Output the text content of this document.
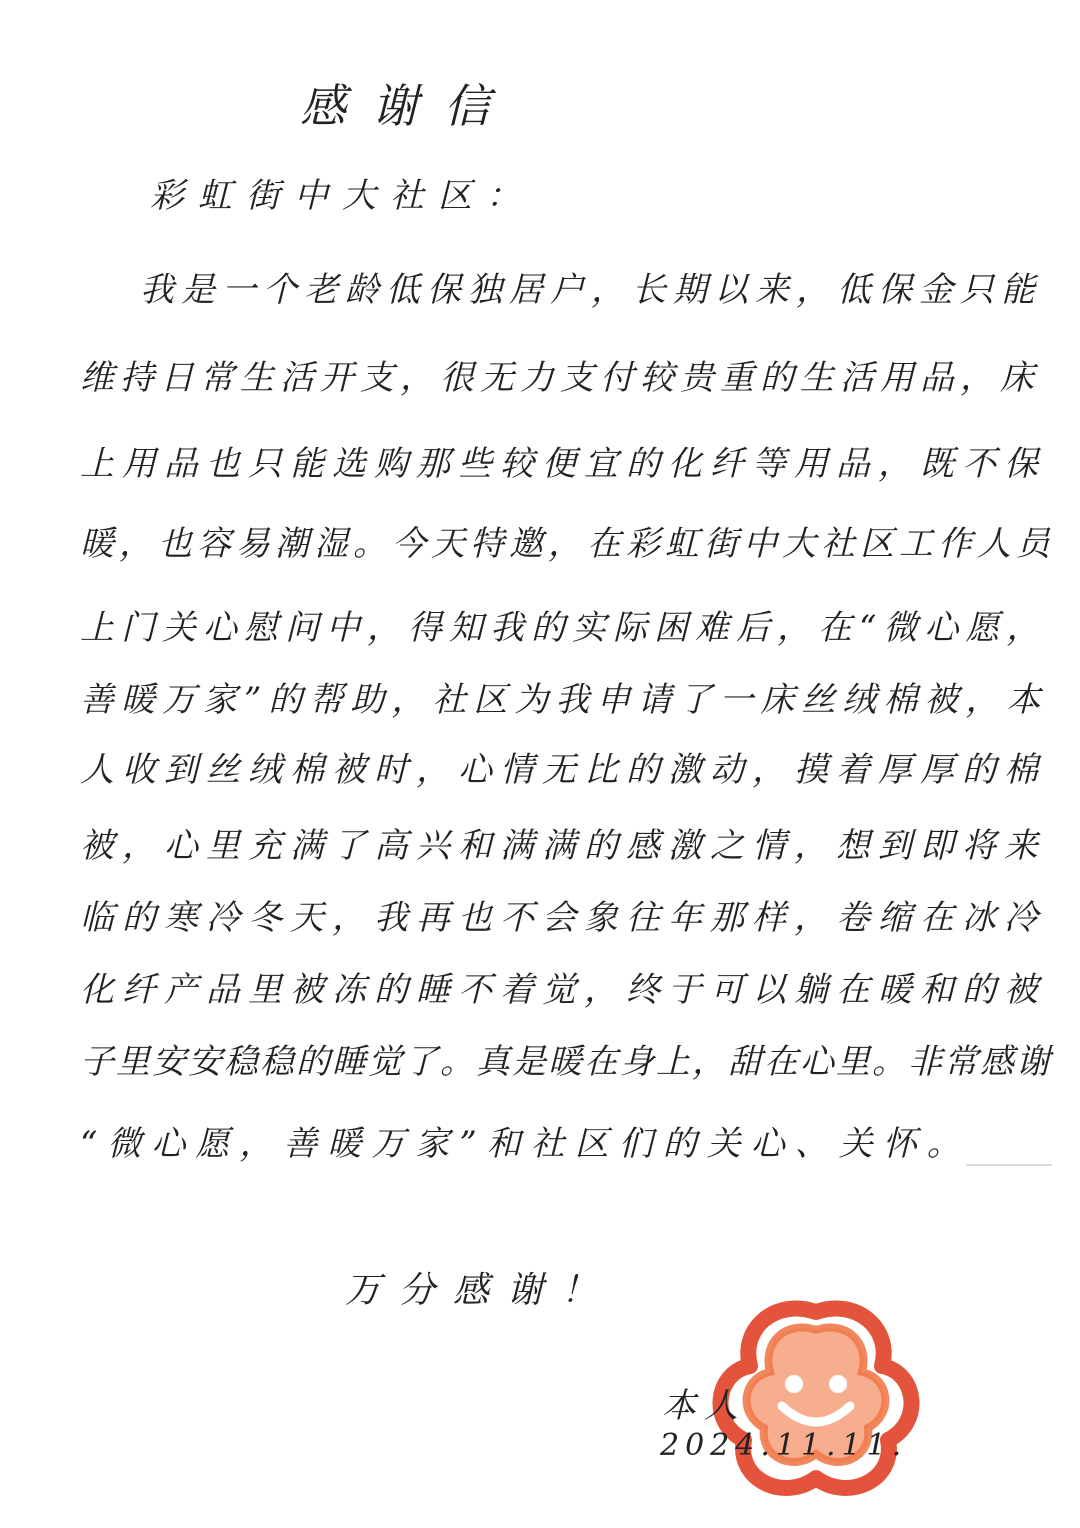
感谢信
彩虹街中大社区：
我是一个老龄低保独居户，长期以来，低保金只能
维持日常生活开支，很无力支付较贵重的生活用品，床
上用品也只能选购那些较便宜的化纤等用品，既不保
暖，也容易潮湿。今天特邀，在彩虹街中大社区工作人员
上门关心慰问中，得知我的实际困难后，在“微心愿，
善暖万家”的帮助，社区为我申请了一床丝绒棉被，本
人收到丝绒棉被时，心情无比的激动，摸着厚厚的棉
被，心里充满了高兴和满满的感激之情，想到即将来
临的寒冷冬天，我再也不会象往年那样，卷缩在冰冷
化纤产品里被冻的睡不着觉，终于可以躺在暖和的被
子里安安稳稳的睡觉了。真是暖在身上，甜在心里。非常感谢
“微心愿，善暖万家”和社区们的关心、关怀。
万分感谢！
本人
2024.11.11.
